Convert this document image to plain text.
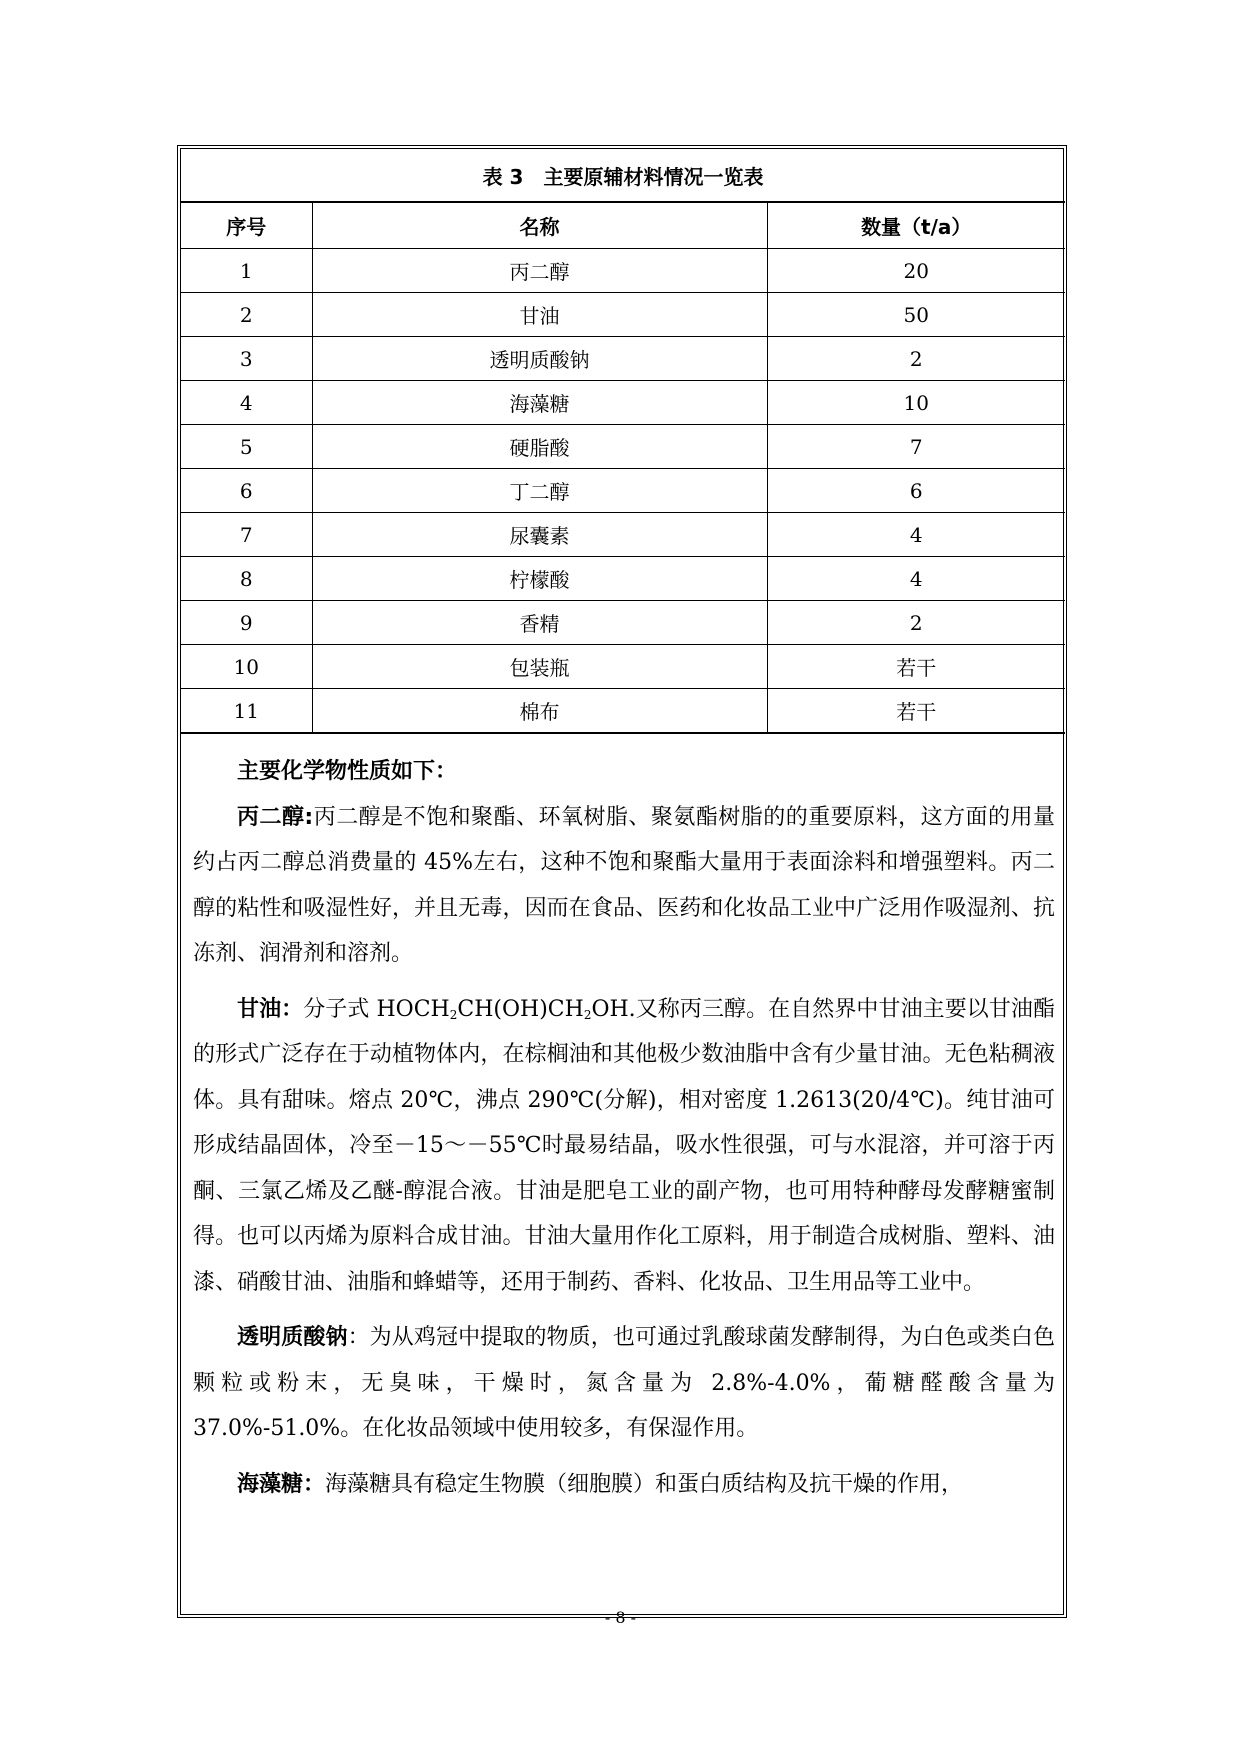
表 3　主要原辅材料情况一览表		
序号	名称	数量（t/a）
1	丙二醇	20
2	甘油	50
3	透明质酸钠	2
4	海藻糖	10
5	硬脂酸	7
6	丁二醇	6
7	尿囊素	4
8	柠檬酸	4
9	香精	2
10	包装瓶	若干
11	棉布	若干

主要化学物性质如下：

丙二醇:丙二醇是不饱和聚酯、环氧树脂、聚氨酯树脂的的重要原料，这方面的用量约占丙二醇总消费量的 45%左右，这种不饱和聚酯大量用于表面涂料和增强塑料。丙二醇的粘性和吸湿性好，并且无毒，因而在食品、医药和化妆品工业中广泛用作吸湿剂、抗冻剂、润滑剂和溶剂。

甘油：分子式 $HOCH_2CH(OH)CH_2OH$.又称丙三醇。在自然界中甘油主要以甘油酯的形式广泛存在于动植物体内，在棕榈油和其他极少数油脂中含有少量甘油。无色粘稠液体。具有甜味。熔点 20℃，沸点 290℃(分解)，相对密度 1.2613(20/4℃)。纯甘油可形成结晶固体，冷至－15～－55℃时最易结晶，吸水性很强，可与水混溶，并可溶于丙酮、三氯乙烯及乙醚-醇混合液。甘油是肥皂工业的副产物，也可用特种酵母发酵糖蜜制得。也可以丙烯为原料合成甘油。甘油大量用作化工原料，用于制造合成树脂、塑料、油漆、硝酸甘油、油脂和蜂蜡等，还用于制药、香料、化妆品、卫生用品等工业中。

透明质酸钠：为从鸡冠中提取的物质，也可通过乳酸球菌发酵制得，为白色或类白色颗粒或粉末，无臭味，干燥时，氮含量为 2.8%-4.0%，葡糖醛酸含量为 37.0%-51.0%。在化妆品领域中使用较多，有保湿作用。

海藻糖：海藻糖具有稳定生物膜（细胞膜）和蛋白质结构及抗干燥的作用，

- 8 -
